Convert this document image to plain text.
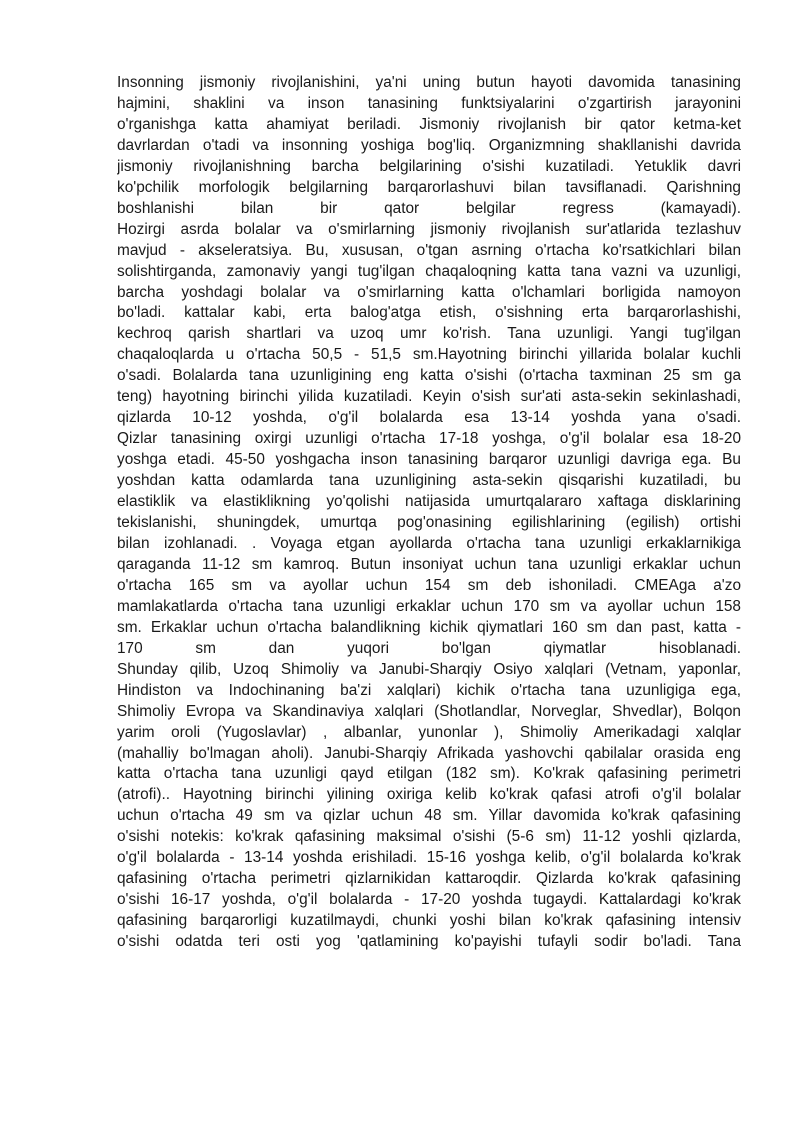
Insonning jismoniy rivojlanishini, ya'ni uning butun hayoti davomida tanasining
hajmini, shaklini va inson tanasining funktsiyalarini o'zgartirish jarayonini
o'rganishga katta ahamiyat beriladi. Jismoniy rivojlanish bir qator ketma-ket
davrlardan o'tadi va insonning yoshiga bog'liq. Organizmning shakllanishi davrida
jismoniy rivojlanishning barcha belgilarining o'sishi kuzatiladi. Yetuklik davri
ko'pchilik morfologik belgilarning barqarorlashuvi bilan tavsiflanadi. Qarishning
boshlanishi bilan bir qator belgilar regress (kamayadi).
Hozirgi asrda bolalar va o'smirlarning jismoniy rivojlanish sur'atlarida tezlashuv
mavjud - akseleratsiya. Bu, xususan, o'tgan asrning o'rtacha ko'rsatkichlari bilan
solishtirganda, zamonaviy yangi tug'ilgan chaqaloqning katta tana vazni va uzunligi,
barcha yoshdagi bolalar va o'smirlarning katta o'lchamlari borligida namoyon
bo'ladi. kattalar kabi, erta balog'atga etish, o'sishning erta barqarorlashishi,
kechroq qarish shartlari va uzoq umr ko'rish. Tana uzunligi. Yangi tug'ilgan
chaqaloqlarda u o'rtacha 50,5 - 51,5 sm.Hayotning birinchi yillarida bolalar kuchli
o'sadi. Bolalarda tana uzunligining eng katta o'sishi (o'rtacha taxminan 25 sm ga
teng) hayotning birinchi yilida kuzatiladi. Keyin o'sish sur'ati asta-sekin sekinlashadi,
qizlarda 10-12 yoshda, o'g'il bolalarda esa 13-14 yoshda yana o'sadi.
Qizlar tanasining oxirgi uzunligi o'rtacha 17-18 yoshga, o'g'il bolalar esa 18-20
yoshga etadi. 45-50 yoshgacha inson tanasining barqaror uzunligi davriga ega. Bu
yoshdan katta odamlarda tana uzunligining asta-sekin qisqarishi kuzatiladi, bu
elastiklik va elastiklikning yo'qolishi natijasida umurtqalararo xaftaga disklarining
tekislanishi, shuningdek, umurtqa pog'onasining egilishlarining (egilish) ortishi
bilan izohlanadi. . Voyaga etgan ayollarda o'rtacha tana uzunligi erkaklarnikiga
qaraganda 11-12 sm kamroq. Butun insoniyat uchun tana uzunligi erkaklar uchun
o'rtacha 165 sm va ayollar uchun 154 sm deb ishoniladi. CMEAga a'zo
mamlakatlarda o'rtacha tana uzunligi erkaklar uchun 170 sm va ayollar uchun 158
sm. Erkaklar uchun o'rtacha balandlikning kichik qiymatlari 160 sm dan past, katta -
170 sm dan yuqori bo'lgan qiymatlar hisoblanadi.
Shunday qilib, Uzoq Shimoliy va Janubi-Sharqiy Osiyo xalqlari (Vetnam, yaponlar,
Hindiston va Indochinaning ba'zi xalqlari) kichik o'rtacha tana uzunligiga ega,
Shimoliy Evropa va Skandinaviya xalqlari (Shotlandlar, Norveglar, Shvedlar), Bolqon
yarim oroli (Yugoslavlar) , albanlar, yunonlar ), Shimoliy Amerikadagi xalqlar
(mahalliy bo'lmagan aholi). Janubi-Sharqiy Afrikada yashovchi qabilalar orasida eng
katta o'rtacha tana uzunligi qayd etilgan (182 sm). Ko'krak qafasining perimetri
(atrofi).. Hayotning birinchi yilining oxiriga kelib ko'krak qafasi atrofi o'g'il bolalar
uchun o'rtacha 49 sm va qizlar uchun 48 sm. Yillar davomida ko'krak qafasining
o'sishi notekis: ko'krak qafasining maksimal o'sishi (5-6 sm) 11-12 yoshli qizlarda,
o'g'il bolalarda - 13-14 yoshda erishiladi. 15-16 yoshga kelib, o'g'il bolalarda ko'krak
qafasining o'rtacha perimetri qizlarnikidan kattaroqdir. Qizlarda ko'krak qafasining
o'sishi 16-17 yoshda, o'g'il bolalarda - 17-20 yoshda tugaydi. Kattalardagi ko'krak
qafasining barqarorligi kuzatilmaydi, chunki yoshi bilan ko'krak qafasining intensiv
o'sishi odatda teri osti yog 'qatlamining ko'payishi tufayli sodir bo'ladi. Tana
